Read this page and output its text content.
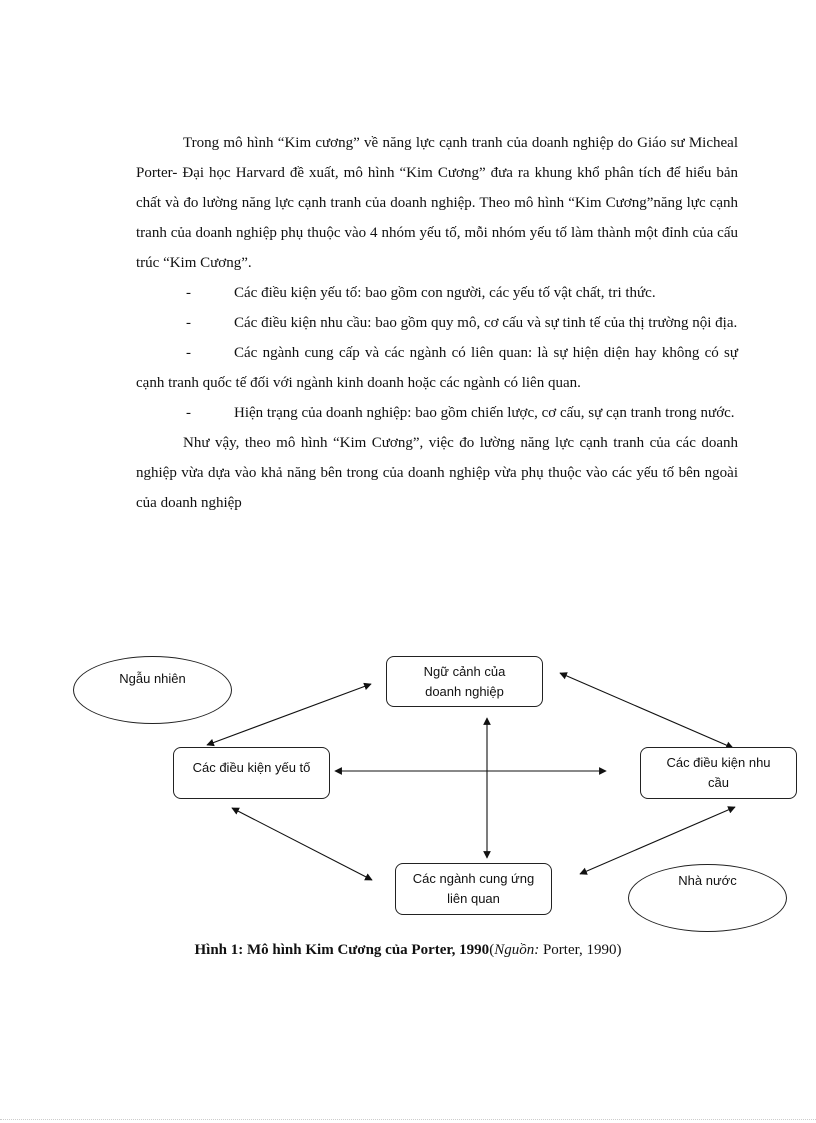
Trong mô hình “Kim cương” về năng lực cạnh tranh của doanh nghiệp do Giáo sư Micheal Porter- Đại học Harvard đề xuất, mô hình “Kim Cương” đưa ra khung khổ phân tích để hiểu bản chất và đo lường năng lực cạnh tranh của doanh nghiệp. Theo mô hình “Kim Cương”năng lực cạnh tranh của doanh nghiệp phụ thuộc vào 4 nhóm yếu tố, mỗi nhóm yếu tố làm thành một đỉnh của cấu trúc “Kim Cương”.

-	Các điều kiện yếu tố: bao gồm con người, các yếu tố vật chất, tri thức.

-	Các điều kiện nhu cầu: bao gồm quy mô, cơ cấu và sự tinh tế của thị trường nội địa.

-	Các ngành cung cấp và các ngành có liên quan: là sự hiện diện hay không có sự cạnh tranh quốc tế đối với ngành kinh doanh hoặc các ngành có liên quan.

-	Hiện trạng của doanh nghiệp: bao gồm chiến lược, cơ cấu, sự cạn tranh trong nước.

Như vậy, theo mô hình “Kim Cương”, việc đo lường năng lực cạnh tranh của các doanh nghiệp vừa dựa vào khả năng bên trong của doanh nghiệp vừa phụ thuộc vào các yếu tố bên ngoài của doanh nghiệp

Ngẫu nhiên	Ngữ cảnh của
doanh nghiệp
Các điều kiện yếu tố	Các điều kiện nhu
cầu
Các ngành cung ứng
liên quan
Nhà nước
Hình 1: Mô hình Kim Cương của Porter, 1990(Nguồn: Porter, 1990)
